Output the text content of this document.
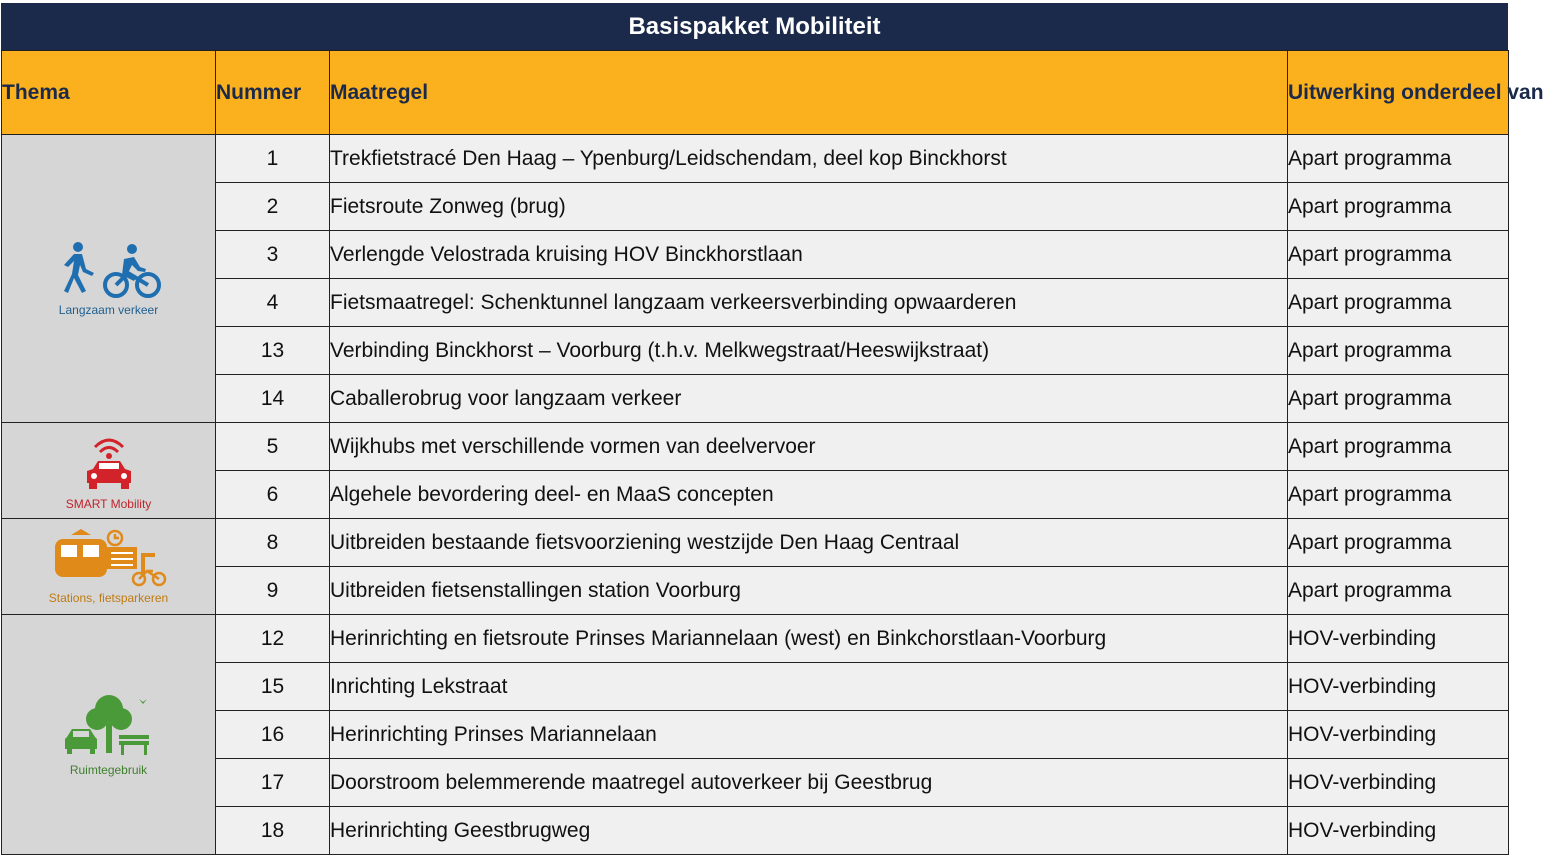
Basispakket Mobiliteit
Thema	Nummer	Maatregel	Uitwerking onderdeel van

Langzaam verkeer	1	Trekfietstracé Den Haag – Ypenburg/Leidschendam, deel kop Binckhorst	Apart programma
	2	Fietsroute Zonweg (brug)	Apart programma
	3	Verlengde Velostrada kruising HOV Binckhorstlaan	Apart programma
	4	Fietsmaatregel: Schenktunnel langzaam verkeersverbinding opwaarderen	Apart programma
	13	Verbinding Binckhorst – Voorburg (t.h.v. Melkwegstraat/Heeswijkstraat)	Apart programma
	14	Caballerobrug voor langzaam verkeer	Apart programma

SMART Mobility	5	Wijkhubs met verschillende vormen van deelvervoer	Apart programma
	6	Algehele bevordering deel- en MaaS concepten	Apart programma

Stations, fietsparkeren	8	Uitbreiden bestaande fietsvoorziening westzijde Den Haag Centraal	Apart programma
	9	Uitbreiden fietsenstallingen station Voorburg	Apart programma

Ruimtegebruik	12	Herinrichting en fietsroute Prinses Mariannelaan (west) en Binkchorstlaan-Voorburg	HOV-verbinding
	15	Inrichting Lekstraat	HOV-verbinding
	16	Herinrichting Prinses Mariannelaan	HOV-verbinding
	17	Doorstroom belemmerende maatregel autoverkeer bij Geestbrug	HOV-verbinding
	18	Herinrichting Geestbrugweg	HOV-verbinding
